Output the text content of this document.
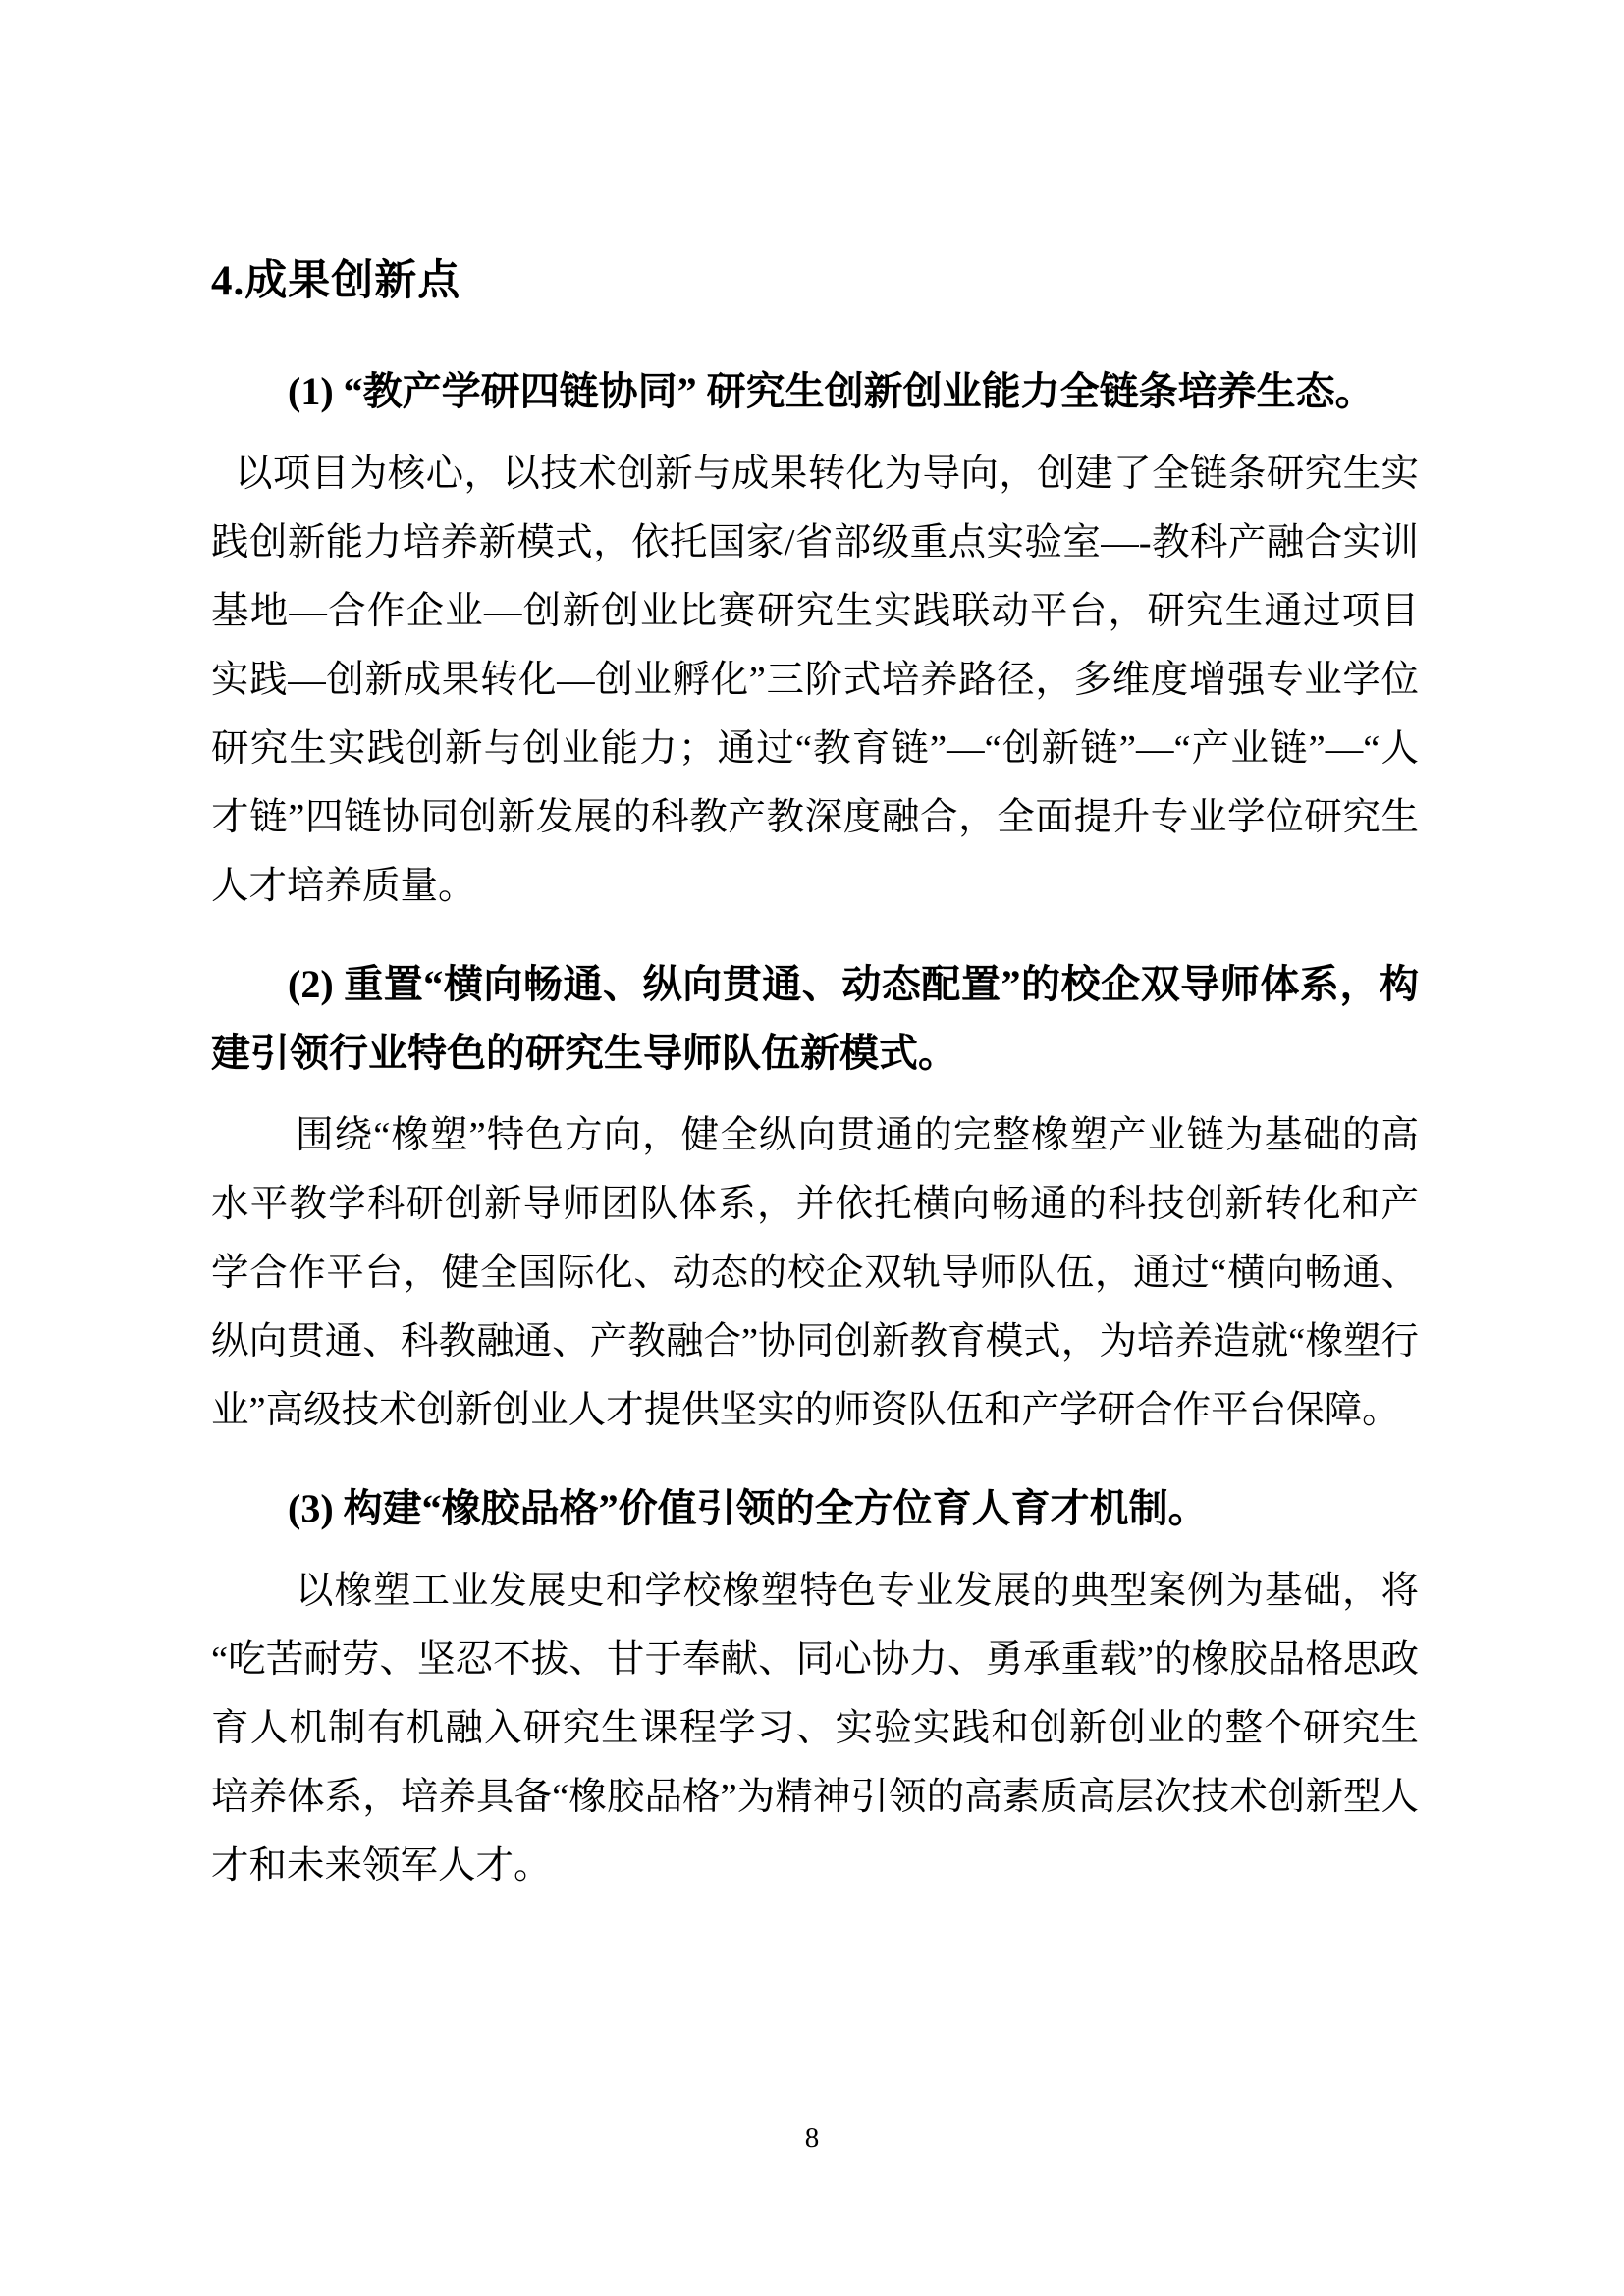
4.成果创新点
(1) “教产学研四链协同” 研究生创新创业能力全链条培养生态。

以项目为核心，以技术创新与成果转化为导向，创建了全链条研究生实践创新能力培养新模式，依托国家/省部级重点实验室—-教科产融合实训基地—合作企业—创新创业比赛研究生实践联动平台，研究生通过项目实践—创新成果转化—创业孵化”三阶式培养路径，多维度增强专业学位研究生实践创新与创业能力；通过“教育链”—“创新链”—“产业链”—“人才链”四链协同创新发展的科教产教深度融合，全面提升专业学位研究生人才培养质量。

(2) 重置“横向畅通、纵向贯通、动态配置”的校企双导师体系，构建引领行业特色的研究生导师队伍新模式。

围绕“橡塑”特色方向，健全纵向贯通的完整橡塑产业链为基础的高水平教学科研创新导师团队体系，并依托横向畅通的科技创新转化和产学合作平台，健全国际化、动态的校企双轨导师队伍，通过“横向畅通、纵向贯通、科教融通、产教融合”协同创新教育模式，为培养造就“橡塑行业”高级技术创新创业人才提供坚实的师资队伍和产学研合作平台保障。

(3) 构建“橡胶品格”价值引领的全方位育人育才机制。

以橡塑工业发展史和学校橡塑特色专业发展的典型案例为基础，将“吃苦耐劳、坚忍不拔、甘于奉献、同心协力、勇承重载”的橡胶品格思政育人机制有机融入研究生课程学习、实验实践和创新创业的整个研究生培养体系，培养具备“橡胶品格”为精神引领的高素质高层次技术创新型人才和未来领军人才。

8
